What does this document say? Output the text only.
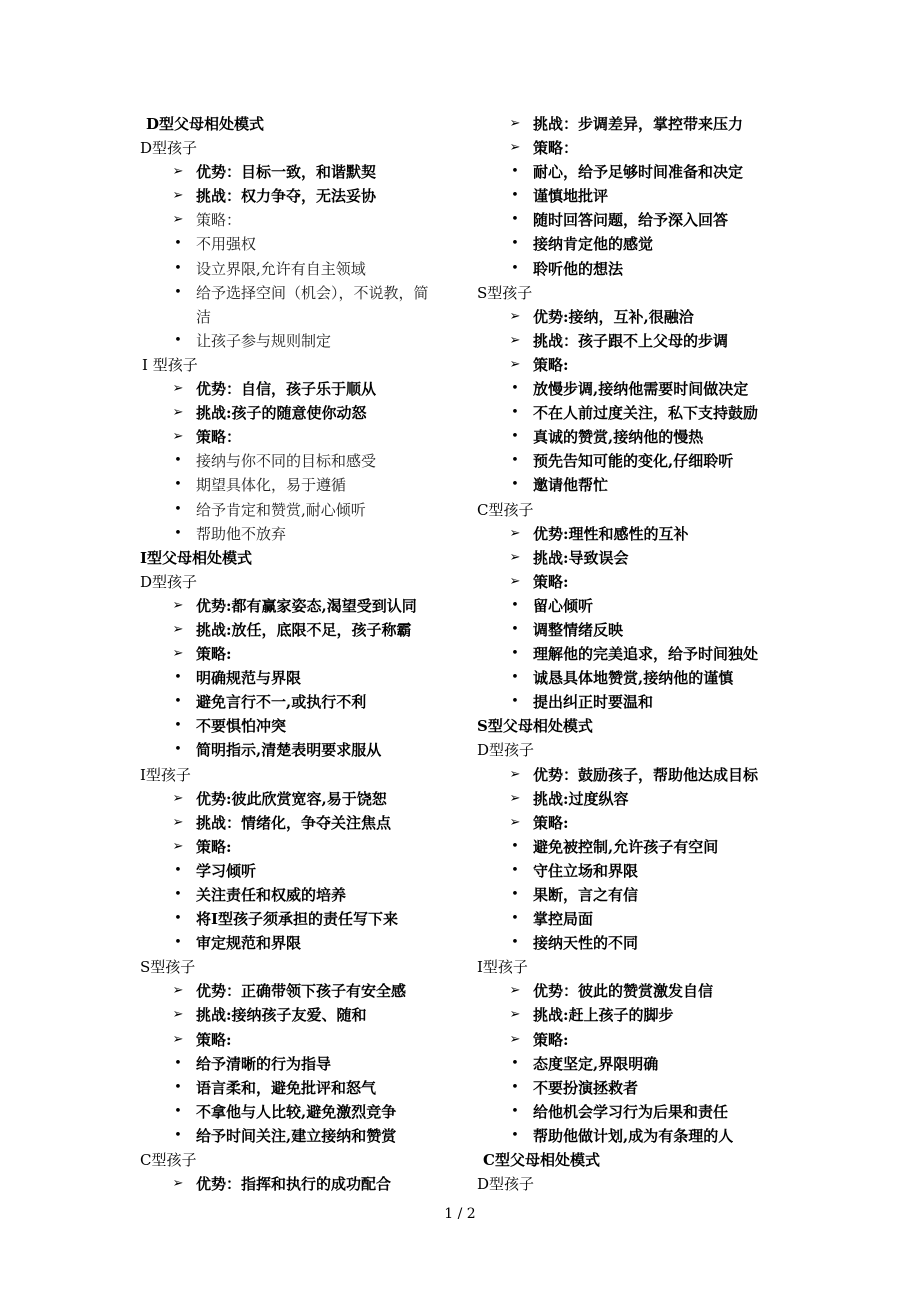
D型父母相处模式
D型孩子
➢ 优势：目标一致，和谐默契
➢ 挑战：权力争夺，无法妥协
➢ 策略：
• 不用强权
• 设立界限,允许有自主领域
• 给予选择空间（机会），不说教，简洁
• 让孩子参与规则制定
I 型孩子
➢ 优势：自信，孩子乐于顺从
➢ 挑战:孩子的随意使你动怒
➢ 策略：
• 接纳与你不同的目标和感受
• 期望具体化，易于遵循
• 给予肯定和赞赏,耐心倾听
• 帮助他不放弃
I型父母相处模式
D型孩子
➢ 优势:都有赢家姿态,渴望受到认同
➢ 挑战:放任，底限不足，孩子称霸
➢ 策略:
• 明确规范与界限
• 避免言行不一,或执行不利
• 不要惧怕冲突
• 简明指示,清楚表明要求服从
I型孩子
➢ 优势:彼此欣赏宽容,易于饶恕
➢ 挑战：情绪化，争夺关注焦点
➢ 策略:
• 学习倾听
• 关注责任和权威的培养
• 将I型孩子须承担的责任写下来
• 审定规范和界限
S型孩子
➢ 优势：正确带领下孩子有安全感
➢ 挑战:接纳孩子友爱、随和
➢ 策略:
• 给予清晰的行为指导
• 语言柔和，避免批评和怒气
• 不拿他与人比较,避免激烈竞争
• 给予时间关注,建立接纳和赞赏
C型孩子
➢ 优势：指挥和执行的成功配合
➢ 挑战：步调差异，掌控带来压力
➢ 策略：
• 耐心，给予足够时间准备和决定
• 谨慎地批评
• 随时回答问题，给予深入回答
• 接纳肯定他的感觉
• 聆听他的想法
S型孩子
➢ 优势:接纳，互补,很融洽
➢ 挑战：孩子跟不上父母的步调
➢ 策略:
• 放慢步调,接纳他需要时间做决定
• 不在人前过度关注，私下支持鼓励
• 真诚的赞赏,接纳他的慢热
• 预先告知可能的变化,仔细聆听
• 邀请他帮忙
C型孩子
➢ 优势:理性和感性的互补
➢ 挑战:导致误会
➢ 策略:
• 留心倾听
• 调整情绪反映
• 理解他的完美追求，给予时间独处
• 诚恳具体地赞赏,接纳他的谨慎
• 提出纠正时要温和
S型父母相处模式
D型孩子
➢ 优势：鼓励孩子，帮助他达成目标
➢ 挑战:过度纵容
➢ 策略:
• 避免被控制,允许孩子有空间
• 守住立场和界限
• 果断，言之有信
• 掌控局面
• 接纳天性的不同
I型孩子
➢ 优势：彼此的赞赏激发自信
➢ 挑战:赶上孩子的脚步
➢ 策略:
• 态度坚定,界限明确
• 不要扮演拯救者
• 给他机会学习行为后果和责任
• 帮助他做计划,成为有条理的人
C型父母相处模式
D型孩子
1 / 2
